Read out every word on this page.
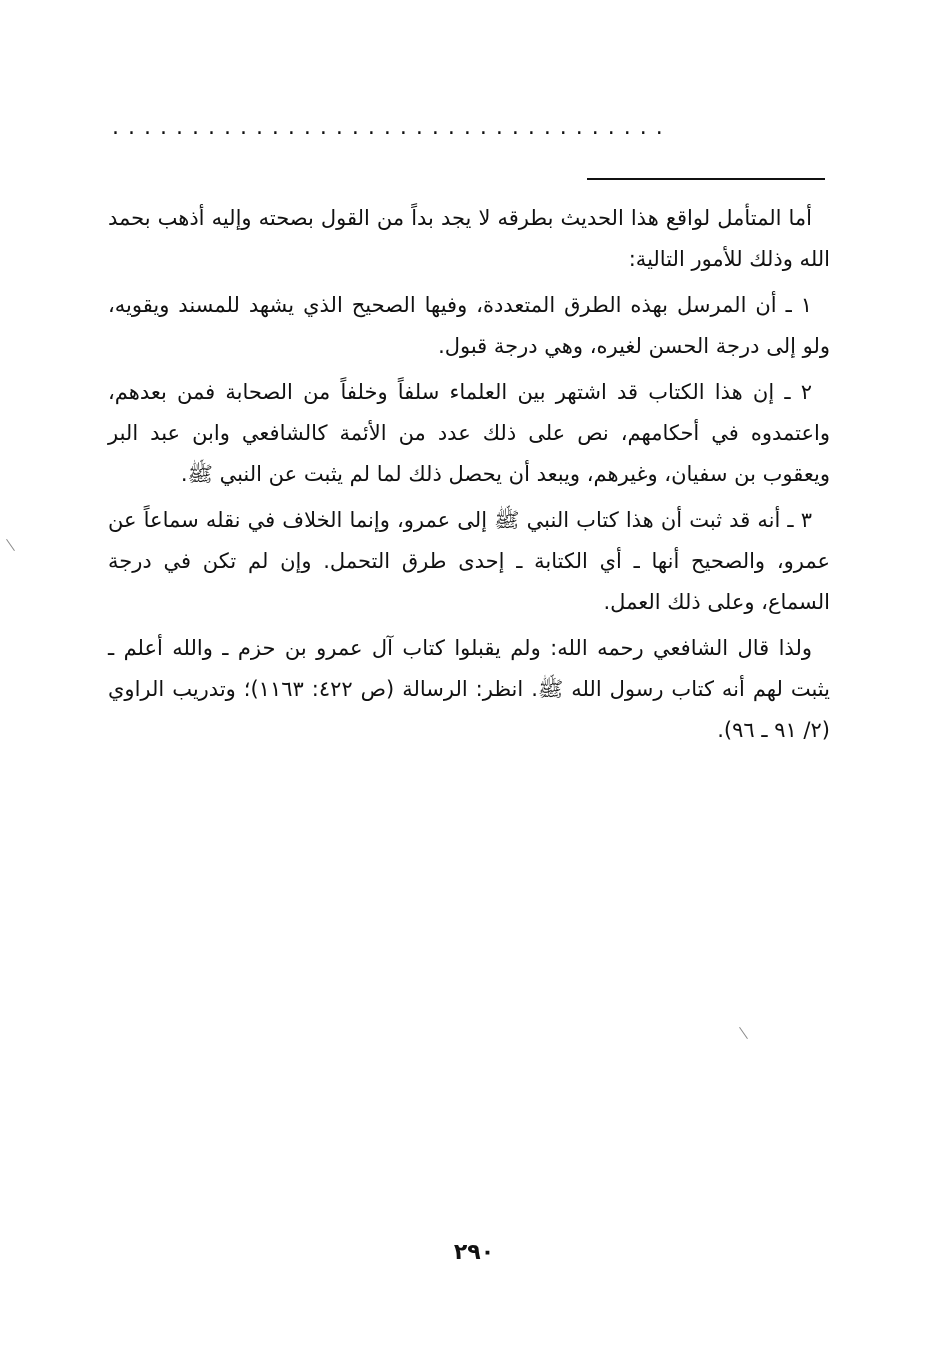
...................................

أما المتأمل لواقع هذا الحديث بطرقه لا يجد بداً من القول بصحته وإليه أذهب بحمد الله وذلك للأمور التالية:

١ ـ أن المرسل بهذه الطرق المتعددة، وفيها الصحيح الذي يشهد للمسند ويقويه، ولو إلى درجة الحسن لغيره، وهي درجة قبول.

٢ ـ إن هذا الكتاب قد اشتهر بين العلماء سلفاً وخلفاً من الصحابة فمن بعدهم، واعتمدوه في أحكامهم، نص على ذلك عدد من الأئمة كالشافعي وابن عبد البر ويعقوب بن سفيان، وغيرهم، ويبعد أن يحصل ذلك لما لم يثبت عن النبي ﷺ.

٣ ـ أنه قد ثبت أن هذا كتاب النبي ﷺ إلى عمرو، وإنما الخلاف في نقله سماعاً عن عمرو، والصحيح أنها ـ أي الكتابة ـ إحدى طرق التحمل. وإن لم تكن في درجة السماع، وعلى ذلك العمل.

ولذا قال الشافعي رحمه الله: ولم يقبلوا كتاب آل عمرو بن حزم ـ والله أعلم ـ يثبت لهم أنه كتاب رسول الله ﷺ. انظر: الرسالة (ص ٤٢٢: ١١٦٣)؛ وتدريب الراوي (٢/ ٩١ ـ ٩٦).

٢٩٠
